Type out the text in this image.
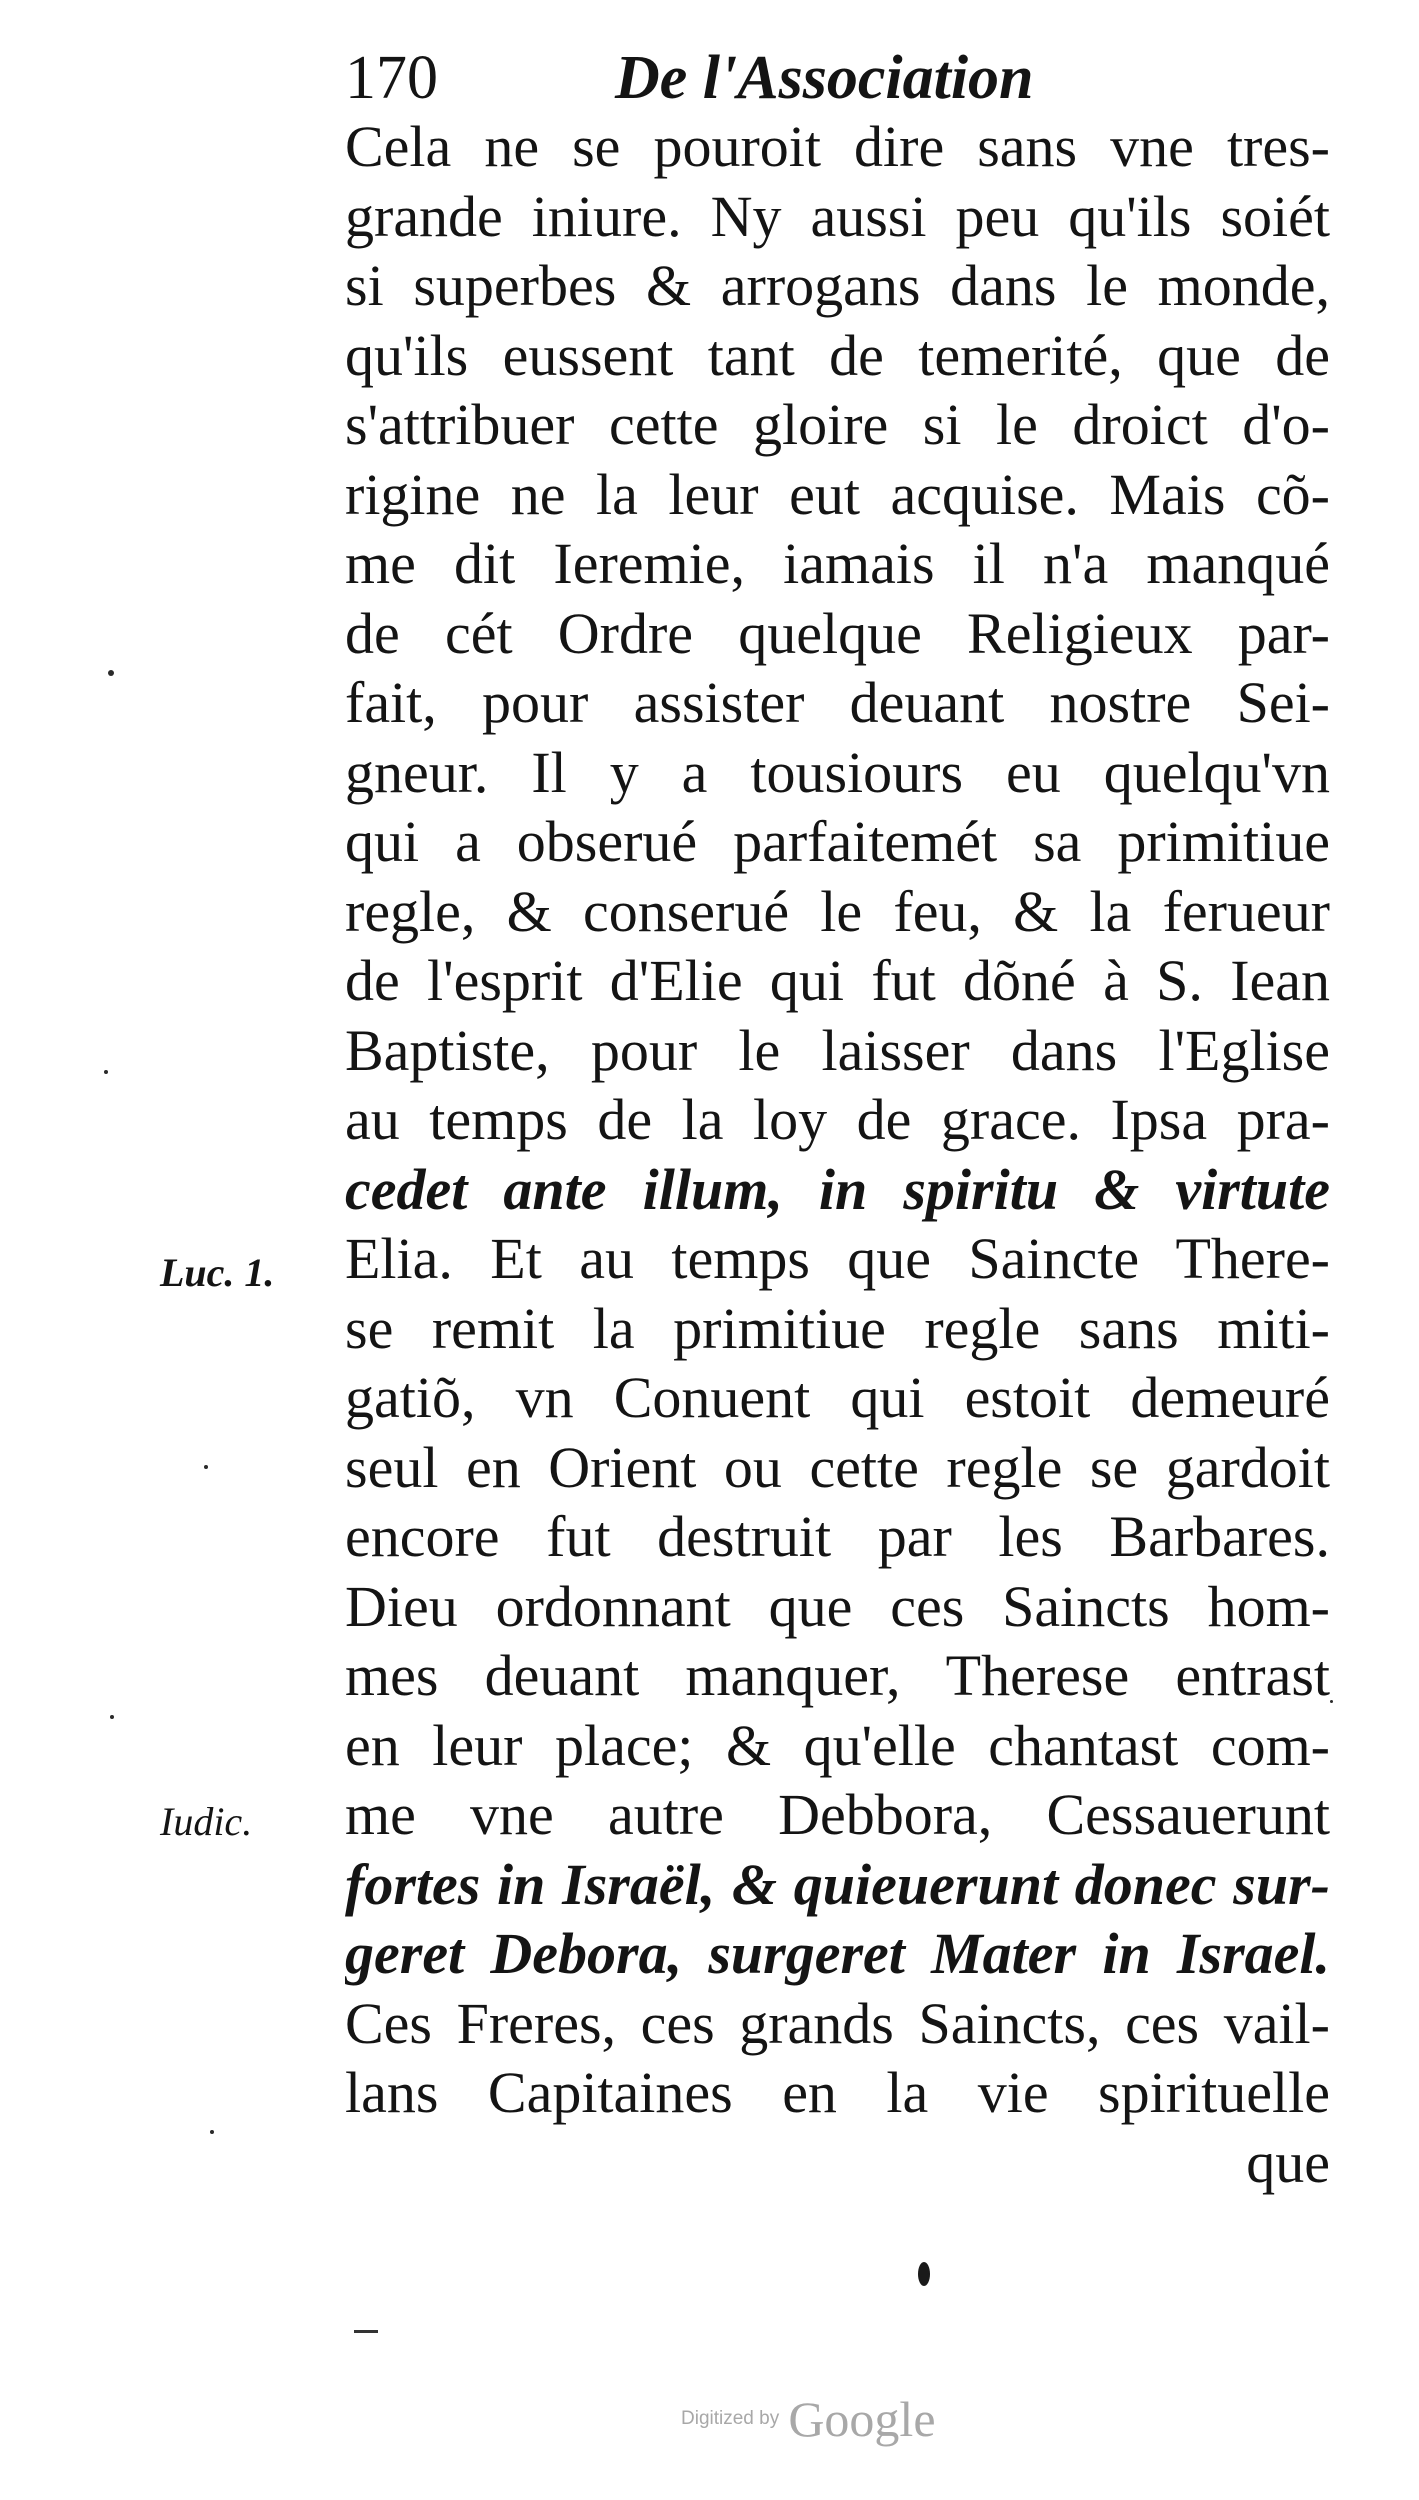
170	De l'Association
Cela ne se pouroit dire sans vne tres-
grande iniure. Ny aussi peu qu'ils soiét
si superbes & arrogans dans le monde,
qu'ils eussent tant de temerité, que de
s'attribuer cette gloire si le droict d'o-
rigine ne la leur eut acquise. Mais cõ-
me dit Ieremie, iamais il n'a manqué
de cét Ordre quelque Religieux par-
fait, pour assister deuant nostre Sei-
gneur. Il y a tousiours eu quelqu'vn
qui a obserué parfaitemét sa primitiue
regle, & conserué le feu, & la ferueur
de l'esprit d'Elie qui fut dõné à S. Iean
Baptiste, pour le laisser dans l'Eglise
au temps de la loy de grace. Ipsa pra-
cedet ante illum, in spiritu & virtute
Elia. Et au temps que Saincte There-
se remit la primitiue regle sans miti-
gatiõ, vn Conuent qui estoit demeuré
seul en Orient ou cette regle se gardoit
encore fut destruit par les Barbares.
Dieu ordonnant que ces Saincts hom-
mes deuant manquer, Therese entrast
en leur place; & qu'elle chantast com-
me vne autre Debbora, Cessauerunt
fortes in Israël, & quieuerunt donec sur-
geret Debora, surgeret Mater in Israel.
Ces Freres, ces grands Saincts, ces vail-
lans Capitaines en la vie spirituelle
que
Luc. 1.
Iudic.
Digitized by Google
